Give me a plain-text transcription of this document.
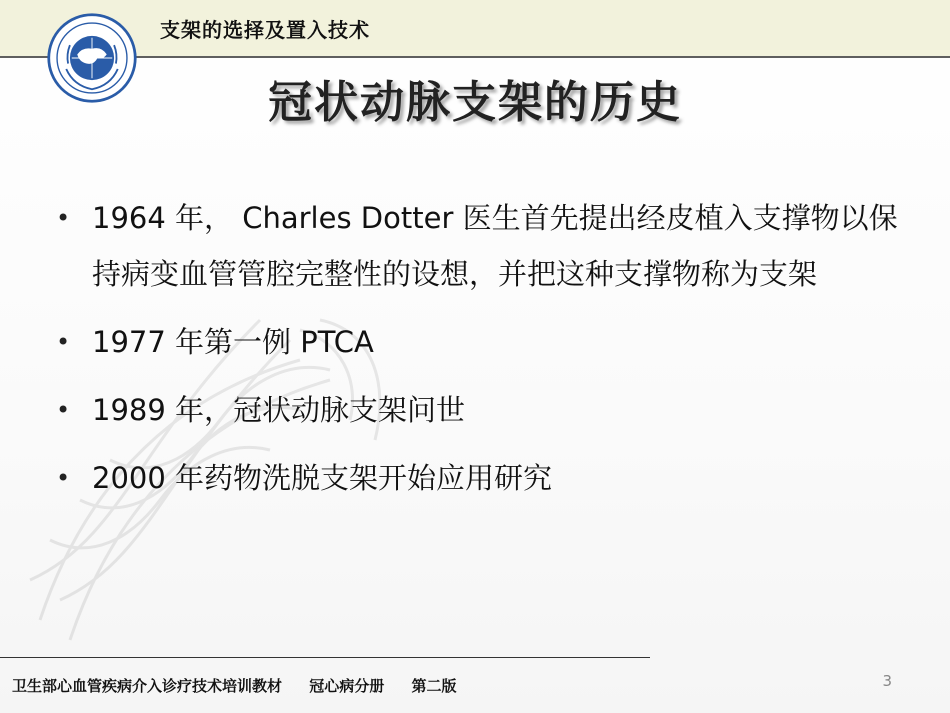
支架的选择及置入技术
冠状动脉支架的历史
• 1964 年， Charles Dotter 医生首先提出经皮植入支撑物以保持病变血管管腔完整性的设想，并把这种支撑物称为支架
• 1977 年第一例 PTCA
• 1989 年，冠状动脉支架问世
• 2000 年药物洗脱支架开始应用研究
卫生部心血管疾病介入诊疗技术培训教材 冠心病分册 第二版	3
